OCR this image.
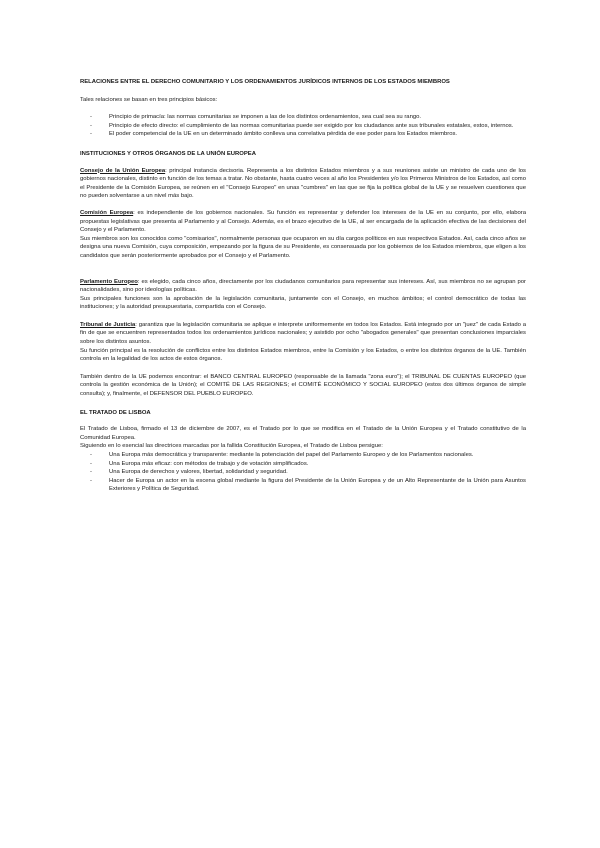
RELACIONES ENTRE EL DERECHO COMUNITARIO Y LOS ORDENAMIENTOS JURÍDICOS INTERNOS DE LOS ESTADOS MIEMBROS

Tales relaciones se basan en tres principios básicos:

- Principio de primacía: las normas comunitarias se imponen a las de los distintos ordenamientos, sea cual sea su rango.
- Principio de efecto directo: el cumplimiento de las normas comunitarias puede ser exigido por los ciudadanos ante sus tribunales estatales, estos, internos.
- El poder competencial de la UE en un determinado ámbito conlleva una correlativa pérdida de ese poder para los Estados miembros.

INSTITUCIONES Y OTROS ÓRGANOS DE LA UNIÓN EUROPEA

Consejo de la Unión Europea: principal instancia decisoria. Representa a los distintos Estados miembros y a sus reuniones asiste un ministro de cada uno de los gobiernos nacionales, distinto en función de los temas a tratar. No obstante, hasta cuatro veces al año los Presidentes y/o los Primeros Ministros de los Estados, así como el Presidente de la Comisión Europea, se reúnen en el "Consejo Europeo" en unas "cumbres" en las que se fija la política global de la UE y se resuelven cuestiones que no pueden solventarse a un nivel más bajo.

Comisión Europea: es independiente de los gobiernos nacionales. Su función es representar y defender los intereses de la UE en su conjunto, por ello, elabora propuestas legislativas que presenta al Parlamento y al Consejo. Además, es el brazo ejecutivo de la UE, al ser encargada de la aplicación efectiva de las decisiones del Consejo y el Parlamento.

Sus miembros son los conocidos como "comisarios", normalmente personas que ocuparon en su día cargos políticos en sus respectivos Estados. Así, cada cinco años se designa una nueva Comisión, cuya composición, empezando por la figura de su Presidente, es consensuada por los gobiernos de los Estados miembros, que eligen a los candidatos que serán posteriormente aprobados por el Consejo y el Parlamento.

Parlamento Europeo: es elegido, cada cinco años, directamente por los ciudadanos comunitarios para representar sus intereses. Así, sus miembros no se agrupan por nacionalidades, sino por ideologías políticas.

Sus principales funciones son la aprobación de la legislación comunitaria, juntamente con el Consejo, en muchos ámbitos; el control democrático de todas las instituciones; y la autoridad presupuestaria, compartida con el Consejo.

Tribunal de Justicia: garantiza que la legislación comunitaria se aplique e interprete uniformemente en todos los Estados. Está integrado por un "juez" de cada Estado a fin de que se encuentren representados todos los ordenamientos jurídicos nacionales; y asistido por ocho "abogados generales" que presentan conclusiones imparciales sobre los distintos asuntos.

Su función principal es la resolución de conflictos entre los distintos Estados miembros, entre la Comisión y los Estados, o entre los distintos órganos de la UE. También controla en la legalidad de los actos de estos órganos.

También dentro de la UE podemos encontrar: el BANCO CENTRAL EUROPEO (responsable de la llamada "zona euro"); el TRIBUNAL DE CUENTAS EUROPEO (que controla la gestión económica de la Unión); el COMITÉ DE LAS REGIONES; el COMITÉ ECONÓMICO Y SOCIAL EUROPEO (estos dos últimos órganos de simple consulta); y, finalmente, el DEFENSOR DEL PUEBLO EUROPEO.

EL TRATADO DE LISBOA

El Tratado de Lisboa, firmado el 13 de diciembre de 2007, es el Tratado por lo que se modifica en el Tratado de la Unión Europea y el Tratado constitutivo de la Comunidad Europea.

Siguiendo en lo esencial las directrices marcadas por la fallida Constitución Europea, el Tratado de Lisboa persigue:

- Una Europa más democrática y transparente: mediante la potenciación del papel del Parlamento Europeo y de los Parlamentos nacionales.
- Una Europa más eficaz: con métodos de trabajo y de votación simplificados.
- Una Europa de derechos y valores, libertad, solidaridad y seguridad.
- Hacer de Europa un actor en la escena global mediante la figura del Presidente de la Unión Europea y de un Alto Representante de la Unión para Asuntos Exteriores y Política de Seguridad.
